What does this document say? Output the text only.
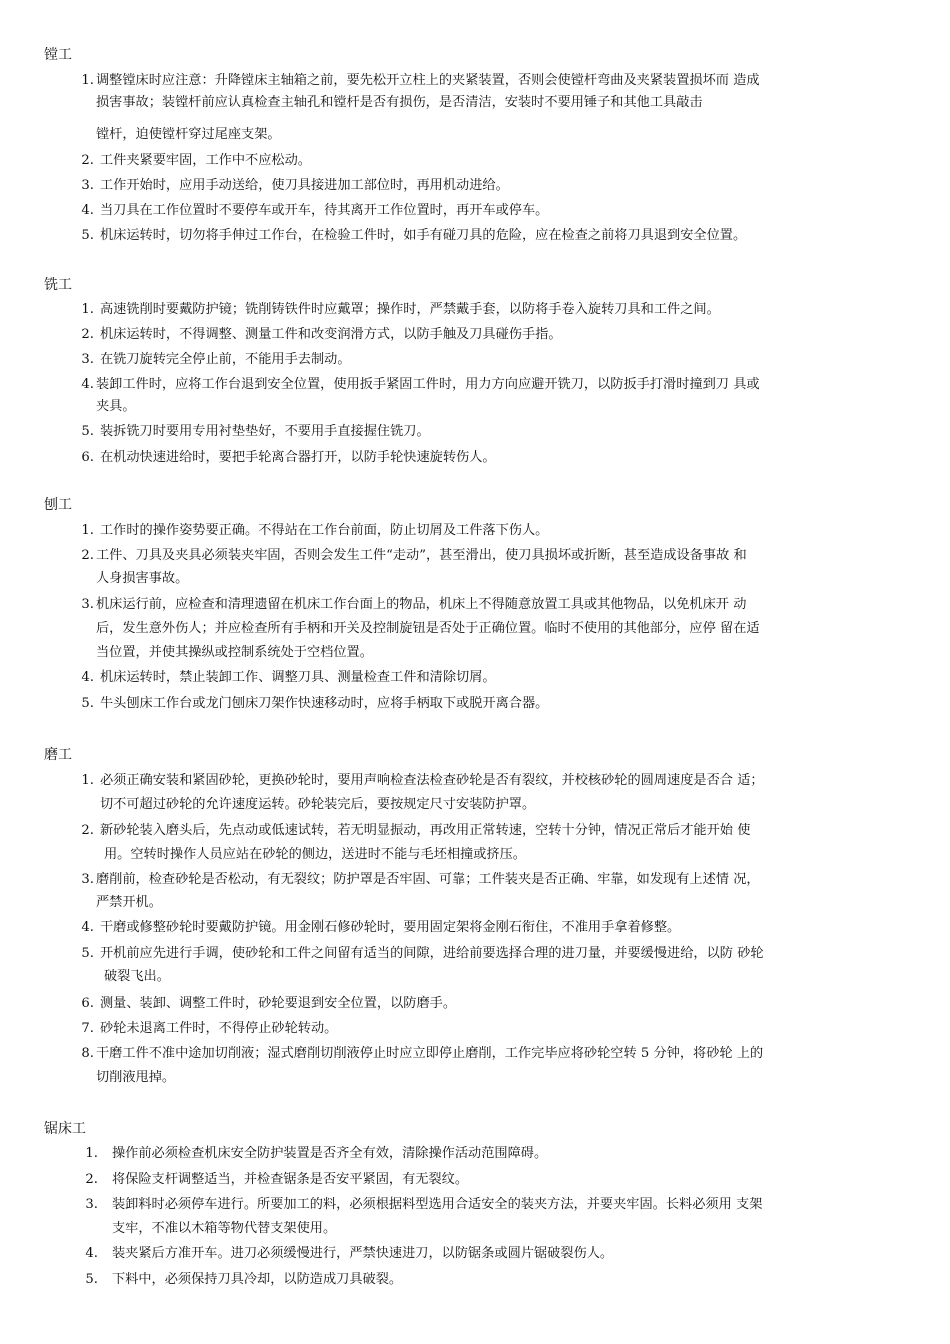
镗工
1. 调整镗床时应注意：升降镗床主轴箱之前，要先松开立柱上的夹紧装置，否则会使镗杆弯曲及夹紧装置损坏而 造成
损害事故；装镗杆前应认真检查主轴孔和镗杆是否有损伤，是否清洁，安装时不要用锤子和其他工具敲击
镗杆，迫使镗杆穿过尾座支架。
2. 工件夹紧要牢固，工作中不应松动。
3. 工作开始时，应用手动送给，使刀具接进加工部位时，再用机动进给。
4. 当刀具在工作位置时不要停车或开车，待其离开工作位置时，再开车或停车。
5. 机床运转时，切勿将手伸过工作台，在检验工件时，如手有碰刀具的危险，应在检查之前将刀具退到安全位置。
铣工
1. 高速铣削时要戴防护镜；铣削铸铁件时应戴罩；操作时，严禁戴手套，以防将手卷入旋转刀具和工件之间。
2. 机床运转时，不得调整、测量工件和改变润滑方式，以防手触及刀具碰伤手指。
3. 在铣刀旋转完全停止前，不能用手去制动。
4. 装卸工件时，应将工作台退到安全位置，使用扳手紧固工件时，用力方向应避开铣刀，以防扳手打滑时撞到刀 具或
夹具。
5. 装拆铣刀时要用专用衬垫垫好，不要用手直接握住铣刀。
6. 在机动快速进给时，要把手轮离合器打开，以防手轮快速旋转伤人。
刨工
1. 工作时的操作姿势要正确。不得站在工作台前面，防止切屑及工件落下伤人。
2. 工件、刀具及夹具必须装夹牢固，否则会发生工件“走动”，甚至滑出，使刀具损坏或折断，甚至造成设备事故 和
人身损害事故。
3. 机床运行前，应检查和清理遗留在机床工作台面上的物品，机床上不得随意放置工具或其他物品，以免机床开 动
后，发生意外伤人；并应检查所有手柄和开关及控制旋钮是否处于正确位置。临时不使用的其他部分，应停 留在适
当位置，并使其操纵或控制系统处于空档位置。
4. 机床运转时，禁止装卸工作、调整刀具、测量检查工件和清除切屑。
5. 牛头刨床工作台或龙门刨床刀架作快速移动时，应将手柄取下或脱开离合器。
磨工
1. 必须正确安装和紧固砂轮，更换砂轮时，要用声响检查法检查砂轮是否有裂纹，并校核砂轮的圆周速度是否合 适；
切不可超过砂轮的允许速度运转。砂轮装完后，要按规定尺寸安装防护罩。
2. 新砂轮装入磨头后，先点动或低速试转，若无明显振动，再改用正常转速，空转十分钟，情况正常后才能开始 使
用。空转时操作人员应站在砂轮的侧边，送进时不能与毛坯相撞或挤压。
3. 磨削前，检查砂轮是否松动，有无裂纹；防护罩是否牢固、可靠；工件装夹是否正确、牢靠，如发现有上述情 况，
严禁开机。
4. 干磨或修整砂轮时要戴防护镜。用金刚石修砂轮时，要用固定架将金刚石衔住，不准用手拿着修整。
5. 开机前应先进行手调，使砂轮和工件之间留有适当的间隙，进给前要选择合理的进刀量，并要缓慢进给，以防 砂轮
破裂飞出。
6. 测量、装卸、调整工件时，砂轮要退到安全位置，以防磨手。
7. 砂轮未退离工件时，不得停止砂轮转动。
8. 干磨工件不准中途加切削液；湿式磨削切削液停止时应立即停止磨削，工作完毕应将砂轮空转 5 分钟，将砂轮 上的
切削液甩掉。
锯床工
1. 操作前必须检查机床安全防护装置是否齐全有效，清除操作活动范围障碍。
2. 将保险支杆调整适当，并检查锯条是否安平紧固，有无裂纹。
3. 装卸料时必须停车进行。所要加工的料，必须根据料型选用合适安全的装夹方法，并要夹牢固。长料必须用 支架
支牢，不准以木箱等物代替支架使用。
4. 装夹紧后方准开车。进刀必须缓慢进行，严禁快速进刀，以防锯条或圆片锯破裂伤人。
5. 下料中，必须保持刀具冷却，以防造成刀具破裂。
